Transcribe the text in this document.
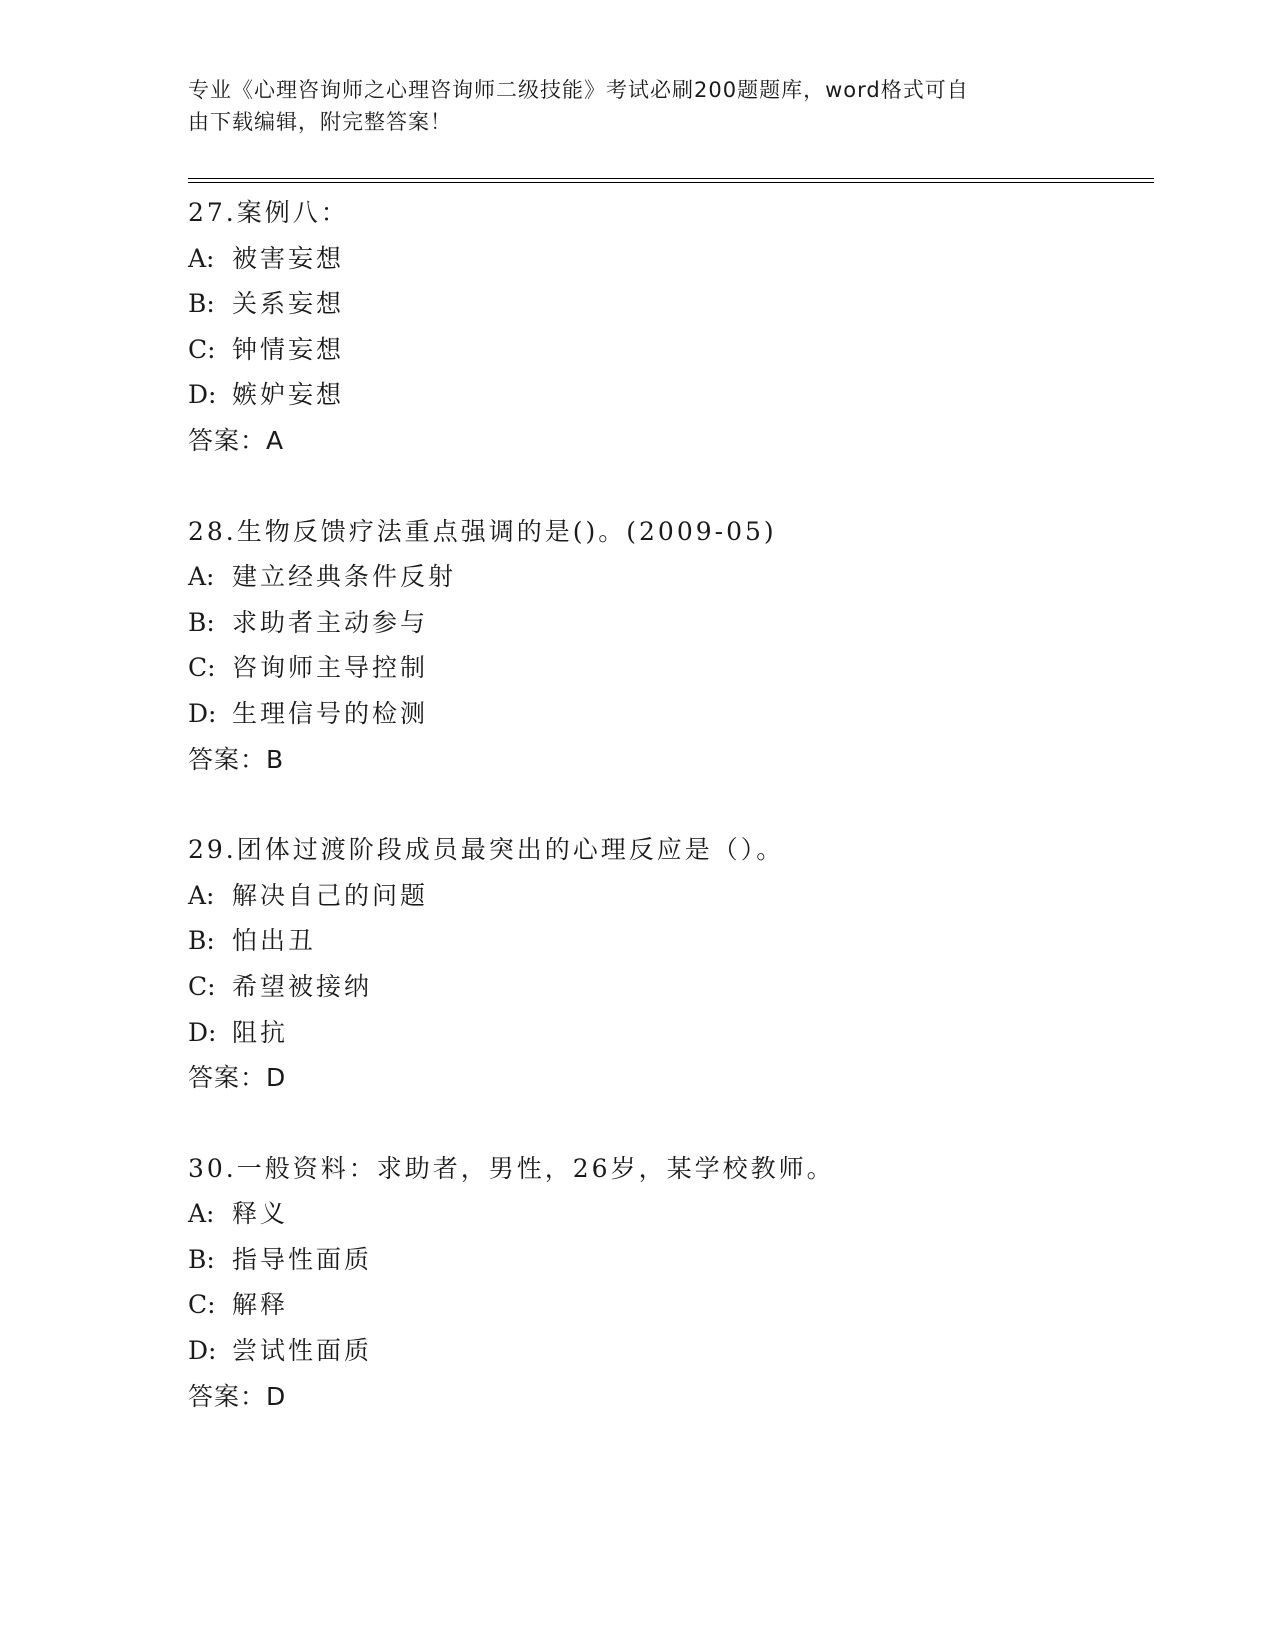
专业《心理咨询师之心理咨询师二级技能》考试必刷200题题库，word格式可自
由下载编辑，附完整答案！
27.案例八：
A: 被害妄想
B: 关系妄想
C: 钟情妄想
D: 嫉妒妄想
答案：A
28.生物反馈疗法重点强调的是()。(2009-05)
A: 建立经典条件反射
B: 求助者主动参与
C: 咨询师主导控制
D: 生理信号的检测
答案：B
29.团体过渡阶段成员最突出的心理反应是（）。
A: 解决自己的问题
B: 怕出丑
C: 希望被接纳
D: 阻抗
答案：D
30.一般资料：求助者，男性，26岁，某学校教师。
A: 释义
B: 指导性面质
C: 解释
D: 尝试性面质
答案：D
